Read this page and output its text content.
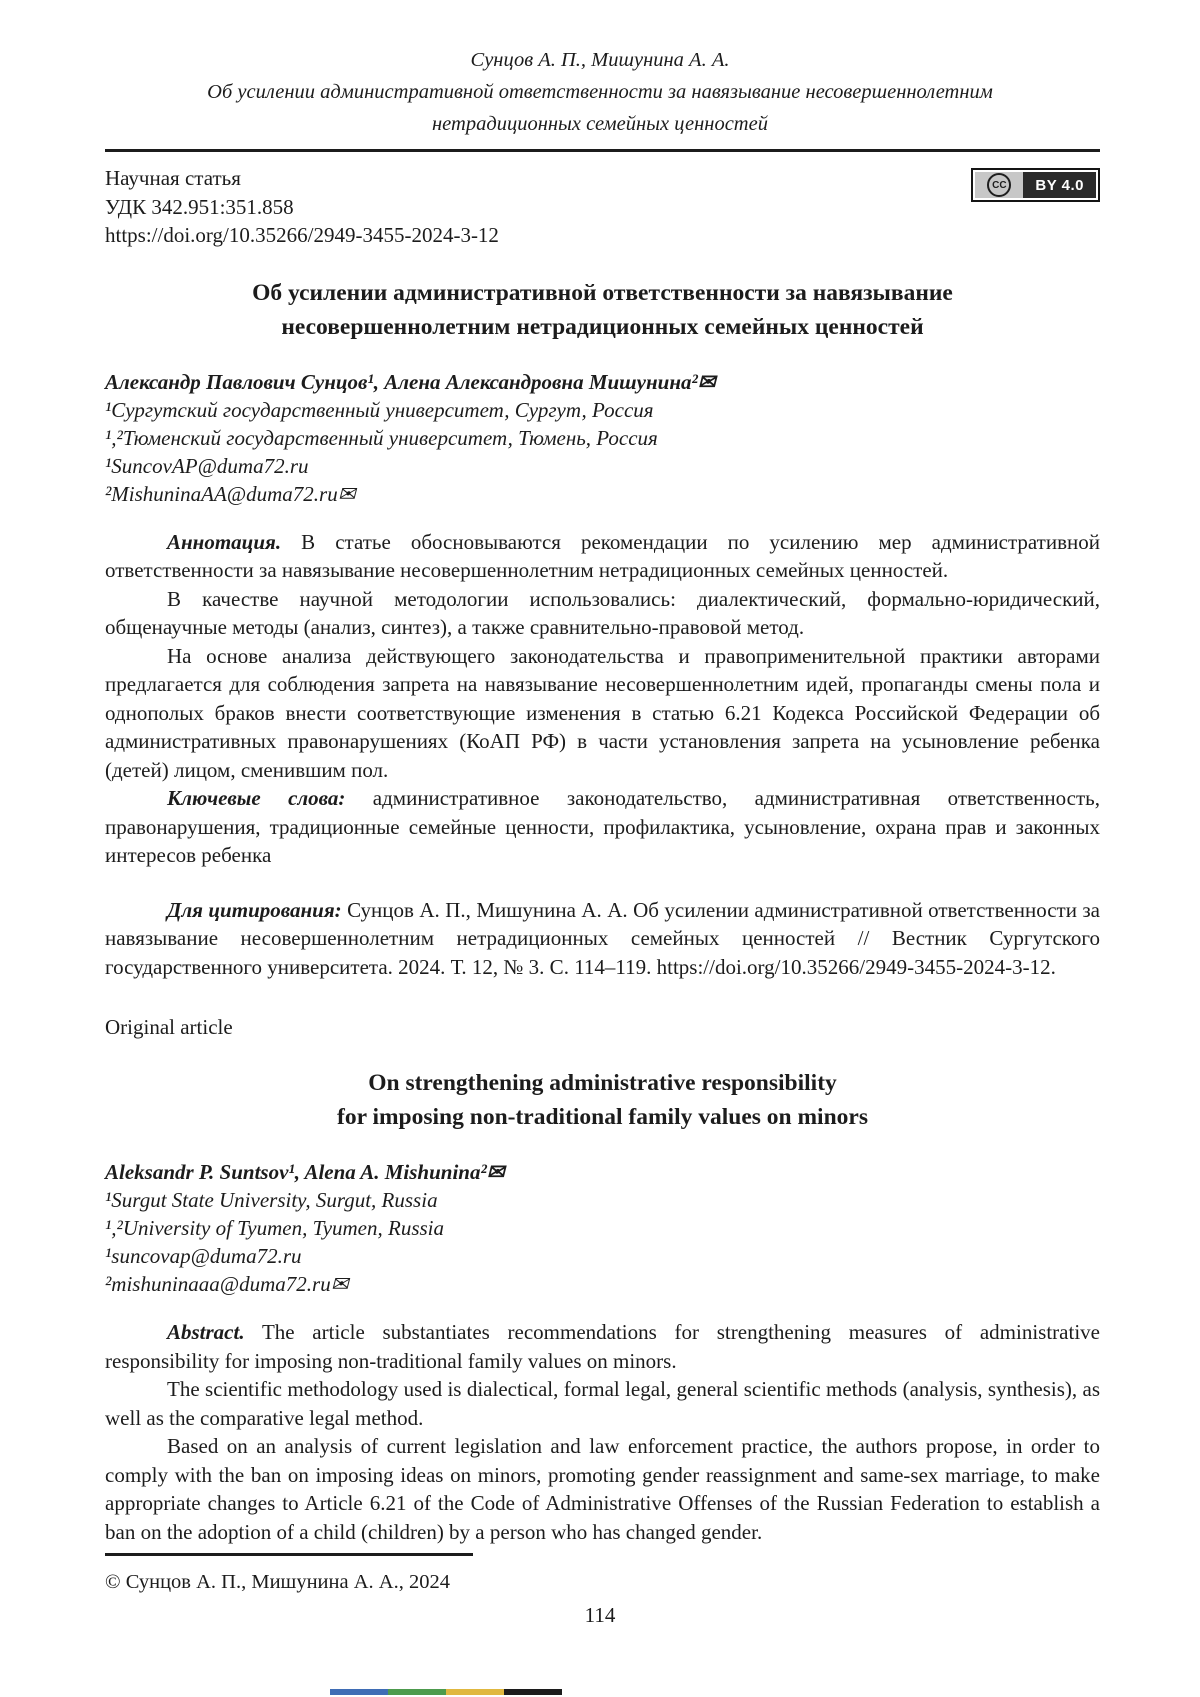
Сунцов А. П., Мишунина А. А.
Об усилении административной ответственности за навязывание несовершеннолетним
нетрадиционных семейных ценностей
Научная статья
УДК 342.951:351.858
https://doi.org/10.35266/2949-3455-2024-3-12
CC	BY 4.0
Об усилении административной ответственности за навязывание
несовершеннолетним нетрадиционных семейных ценностей
Александр Павлович Сунцов¹, Алена Александровна Мишунина²✉
¹Сургутский государственный университет, Сургут, Россия
¹,²Тюменский государственный университет, Тюмень, Россия
¹SuncovAP@duma72.ru
²MishuninaAA@duma72.ru✉

Аннотация. В статье обосновываются рекомендации по усилению мер административной ответственности за навязывание несовершеннолетним нетрадиционных семейных ценностей.

В качестве научной методологии использовались: диалектический, формально-юридический, общенаучные методы (анализ, синтез), а также сравнительно-правовой метод.

На основе анализа действующего законодательства и правоприменительной практики авторами предлагается для соблюдения запрета на навязывание несовершеннолетним идей, пропаганды смены пола и однополых браков внести соответствующие изменения в статью 6.21 Кодекса Российской Федерации об административных правонарушениях (КоАП РФ) в части установления запрета на усыновление ребенка (детей) лицом, сменившим пол.

Ключевые слова: административное законодательство, административная ответственность, правонарушения, традиционные семейные ценности, профилактика, усыновление, охрана прав и законных интересов ребенка

Для цитирования: Сунцов А. П., Мишунина А. А. Об усилении административной ответственности за навязывание несовершеннолетним нетрадиционных семейных ценностей // Вестник Сургутского государственного университета. 2024. Т. 12, № 3. С. 114–119. https://doi.org/10.35266/2949-3455-2024-3-12.

Original article
On strengthening administrative responsibility
for imposing non-traditional family values on minors
Aleksandr P. Suntsov¹, Alena A. Mishunina²✉
¹Surgut State University, Surgut, Russia
¹,²University of Tyumen, Tyumen, Russia
¹suncovap@duma72.ru
²mishuninaaa@duma72.ru✉

Abstract. The article substantiates recommendations for strengthening measures of administrative responsibility for imposing non-traditional family values on minors.

The scientific methodology used is dialectical, formal legal, general scientific methods (analysis, synthesis), as well as the comparative legal method.

Based on an analysis of current legislation and law enforcement practice, the authors propose, in order to comply with the ban on imposing ideas on minors, promoting gender reassignment and same-sex marriage, to make appropriate changes to Article 6.21 of the Code of Administrative Offenses of the Russian Federation to establish a ban on the adoption of a child (children) by a person who has changed gender.

© Сунцов А. П., Мишунина А. А., 2024
114
